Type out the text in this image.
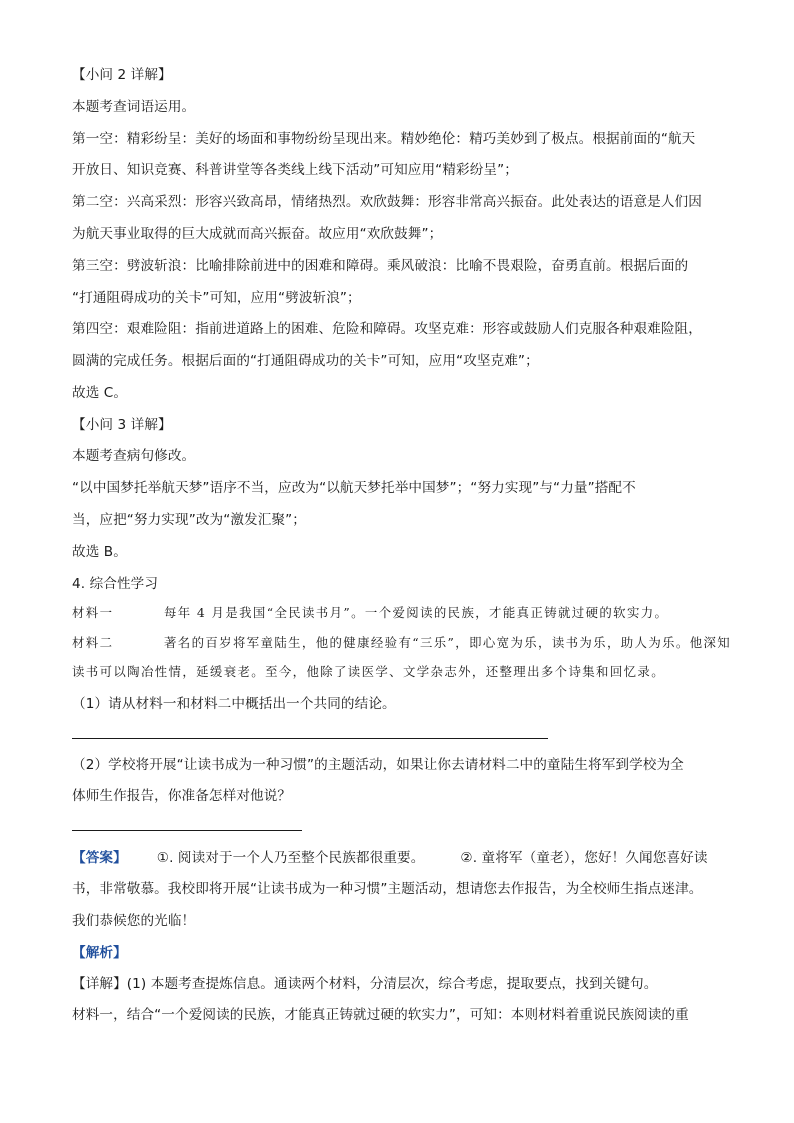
【小问 2 详解】
本题考查词语运用。
第一空：精彩纷呈：美好的场面和事物纷纷呈现出来。精妙绝伦：精巧美妙到了极点。根据前面的“航天
开放日、知识竞赛、科普讲堂等各类线上线下活动”可知应用“精彩纷呈”；
第二空：兴高采烈：形容兴致高昂，情绪热烈。欢欣鼓舞：形容非常高兴振奋。此处表达的语意是人们因
为航天事业取得的巨大成就而高兴振奋。故应用“欢欣鼓舞”；
第三空：劈波斩浪：比喻排除前进中的困难和障碍。乘风破浪：比喻不畏艰险，奋勇直前。根据后面的
“打通阻碍成功的关卡”可知，应用“劈波斩浪”；
第四空：艰难险阻：指前进道路上的困难、危险和障碍。攻坚克难：形容或鼓励人们克服各种艰难险阻，
圆满的完成任务。根据后面的“打通阻碍成功的关卡”可知，应用“攻坚克难”；
故选 C。
【小问 3 详解】
本题考查病句修改。
“以中国梦托举航天梦”语序不当，应改为“以航天梦托举中国梦”；“努力实现”与“力量”搭配不
当，应把“努力实现”改为“激发汇聚”；
故选 B。
4. 综合性学习
材料一	每年 4 月是我国“全民读书月”。一个爱阅读的民族，才能真正铸就过硬的软实力。
材料二	著名的百岁将军童陆生，他的健康经验有“三乐”，即心宽为乐，读书为乐，助人为乐。他深知
读书可以陶冶性情，延缓衰老。至今，他除了读医学、文学杂志外，还整理出多个诗集和回忆录。
（1）请从材料一和材料二中概括出一个共同的结论。
（2）学校将开展“让读书成为一种习惯”的主题活动，如果让你去请材料二中的童陆生将军到学校为全
体师生作报告，你准备怎样对他说？
【答案】 ①. 阅读对于一个人乃至整个民族都很重要。	②. 童将军（童老），您好！久闻您喜好读
书，非常敬慕。我校即将开展“让读书成为一种习惯”主题活动，想请您去作报告，为全校师生指点迷津。
我们恭候您的光临！
【解析】
【详解】(1) 本题考查提炼信息。通读两个材料，分清层次，综合考虑，提取要点，找到关键句。
材料一，结合“一个爱阅读的民族，才能真正铸就过硬的软实力”，可知：本则材料着重说民族阅读的重
